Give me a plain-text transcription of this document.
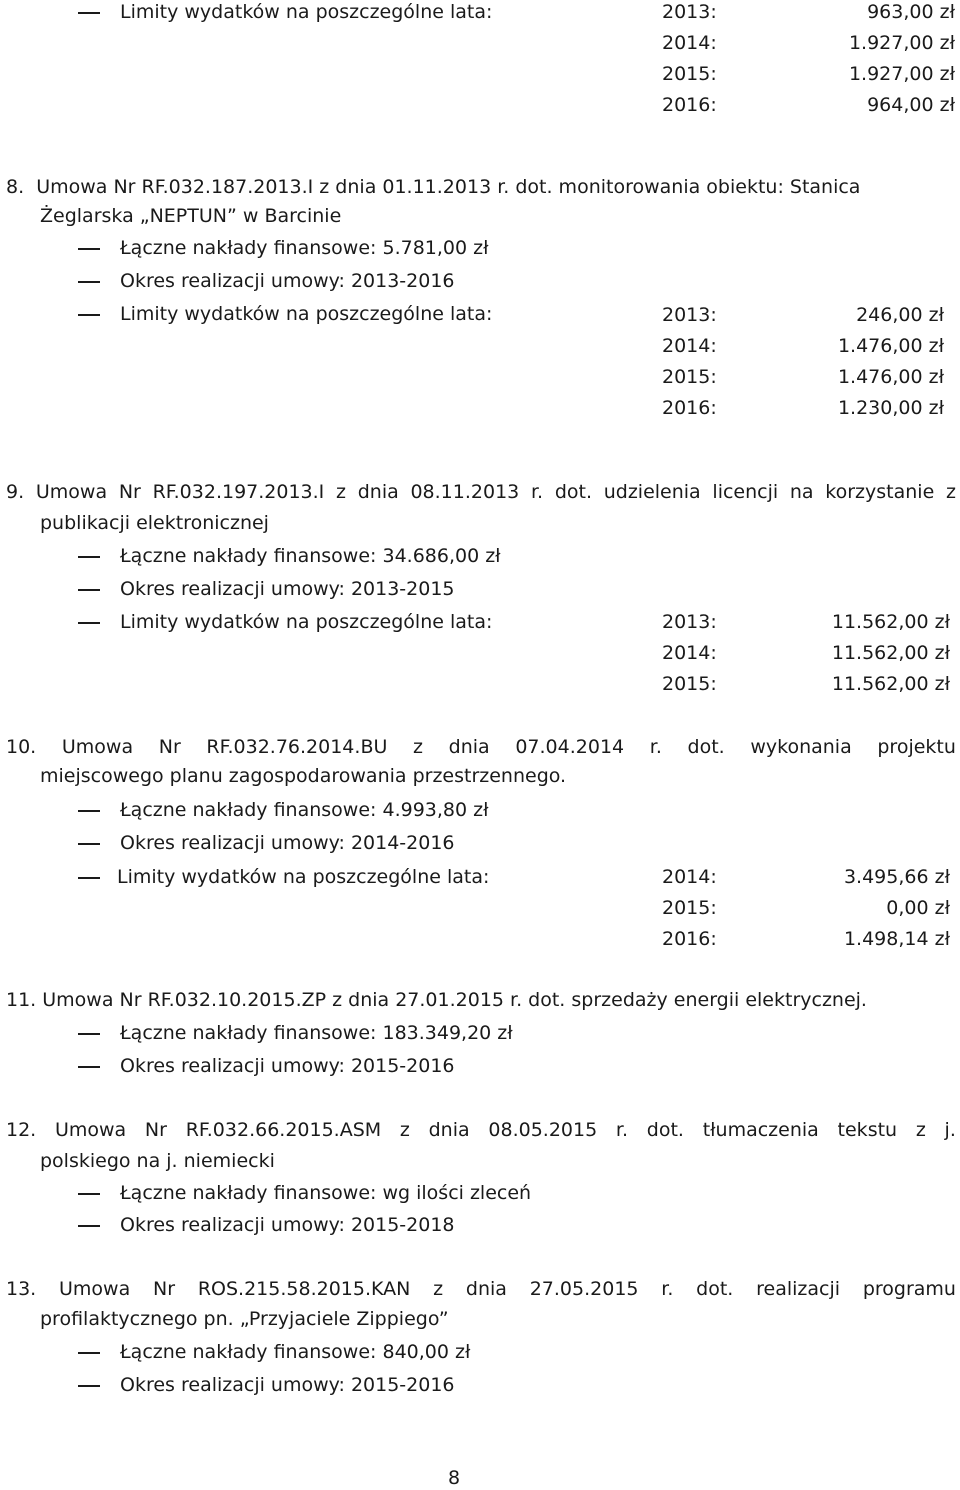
Limity wydatków na poszczególne lata:	2013:	963,00 zł
2014:	1.927,00 zł
2015:	1.927,00 zł
2016:	964,00 zł
8.  Umowa Nr RF.032.187.2013.I z dnia 01.11.2013 r. dot. monitorowania obiektu: Stanica
Żeglarska „NEPTUN” w Barcinie
Łączne nakłady finansowe: 5.781,00 zł
Okres realizacji umowy: 2013-2016
Limity wydatków na poszczególne lata:	2013:	246,00 zł
2014:	1.476,00 zł
2015:	1.476,00 zł
2016:	1.230,00 zł
9. Umowa Nr RF.032.197.2013.I z dnia 08.11.2013 r. dot. udzielenia licencji na korzystanie z
publikacji elektronicznej
Łączne nakłady finansowe: 34.686,00 zł
Okres realizacji umowy: 2013-2015
Limity wydatków na poszczególne lata:	2013:	11.562,00 zł
2014:	11.562,00 zł
2015:	11.562,00 zł
10. Umowa Nr RF.032.76.2014.BU z dnia 07.04.2014 r. dot. wykonania projektu
miejscowego planu zagospodarowania przestrzennego.
Łączne nakłady finansowe: 4.993,80 zł
Okres realizacji umowy: 2014-2016
Limity wydatków na poszczególne lata:	2014:	3.495,66 zł
2015:	0,00 zł
2016:	1.498,14 zł
11. Umowa Nr RF.032.10.2015.ZP z dnia 27.01.2015 r. dot. sprzedaży energii elektrycznej.
Łączne nakłady finansowe: 183.349,20 zł
Okres realizacji umowy: 2015-2016
12. Umowa Nr RF.032.66.2015.ASM z dnia 08.05.2015 r. dot. tłumaczenia tekstu z j.
polskiego na j. niemiecki
Łączne nakłady finansowe: wg ilości zleceń
Okres realizacji umowy: 2015-2018
13. Umowa Nr ROS.215.58.2015.KAN z dnia 27.05.2015 r. dot. realizacji programu
profilaktycznego pn. „Przyjaciele Zippiego”
Łączne nakłady finansowe: 840,00 zł
Okres realizacji umowy: 2015-2016
8
